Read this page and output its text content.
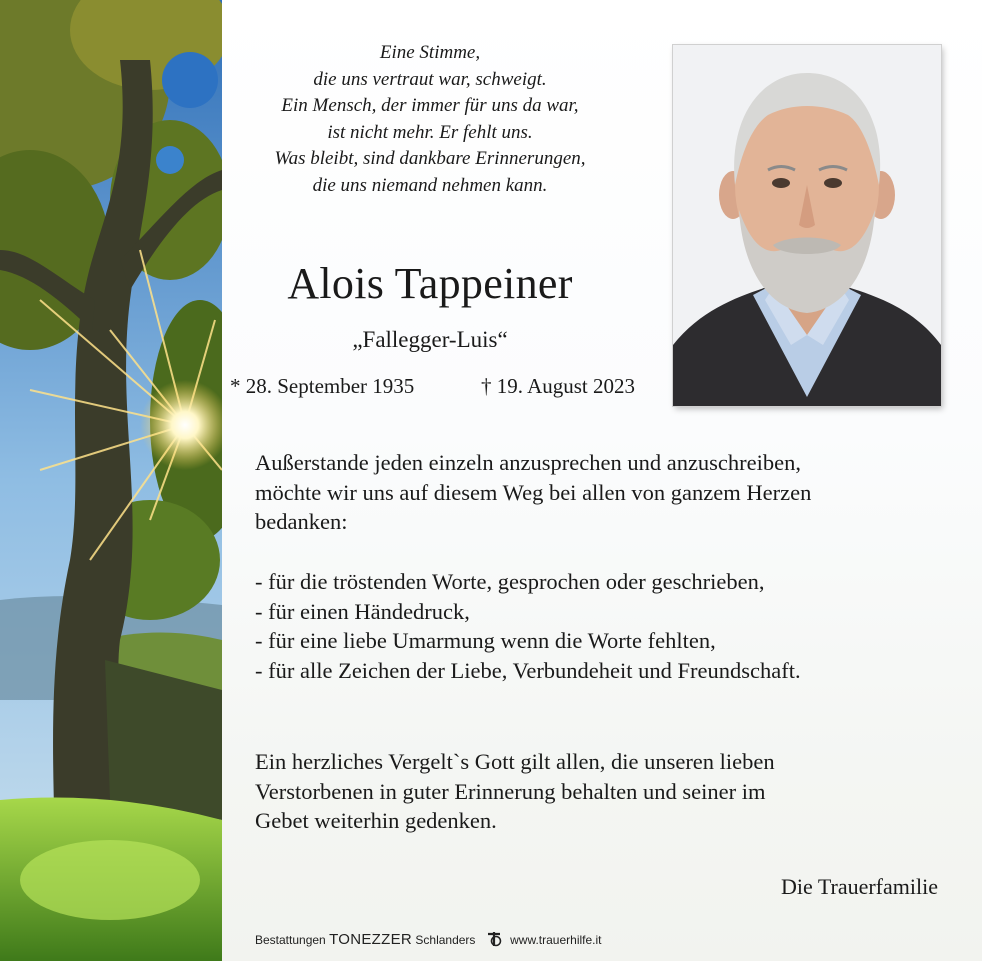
Eine Stimme,
die uns vertraut war, schweigt.
Ein Mensch, der immer für uns da war,
ist nicht mehr. Er fehlt uns.
Was bleibt, sind dankbare Erinnerungen,
die uns niemand nehmen kann.
Alois Tappeiner
„Fallegger-Luis“
* 28. September 1935	† 19. August 2023

Außerstande jeden einzeln anzusprechen und anzuschreiben,
möchte wir uns auf diesem Weg bei allen von ganzem Herzen
bedanken:

- für die tröstenden Worte, gesprochen oder geschrieben,
- für einen Händedruck,
- für eine liebe Umarmung wenn die Worte fehlten,
- für alle Zeichen der Liebe, Verbundeheit und Freundschaft.

Ein herzliches Vergelt`s Gott gilt allen, die unseren lieben
Verstorbenen in guter Erinnerung behalten und seiner im
Gebet weiterhin gedenken.

Die Trauerfamilie
Bestattungen TONEZZER Schlanders	www.trauerhilfe.it
